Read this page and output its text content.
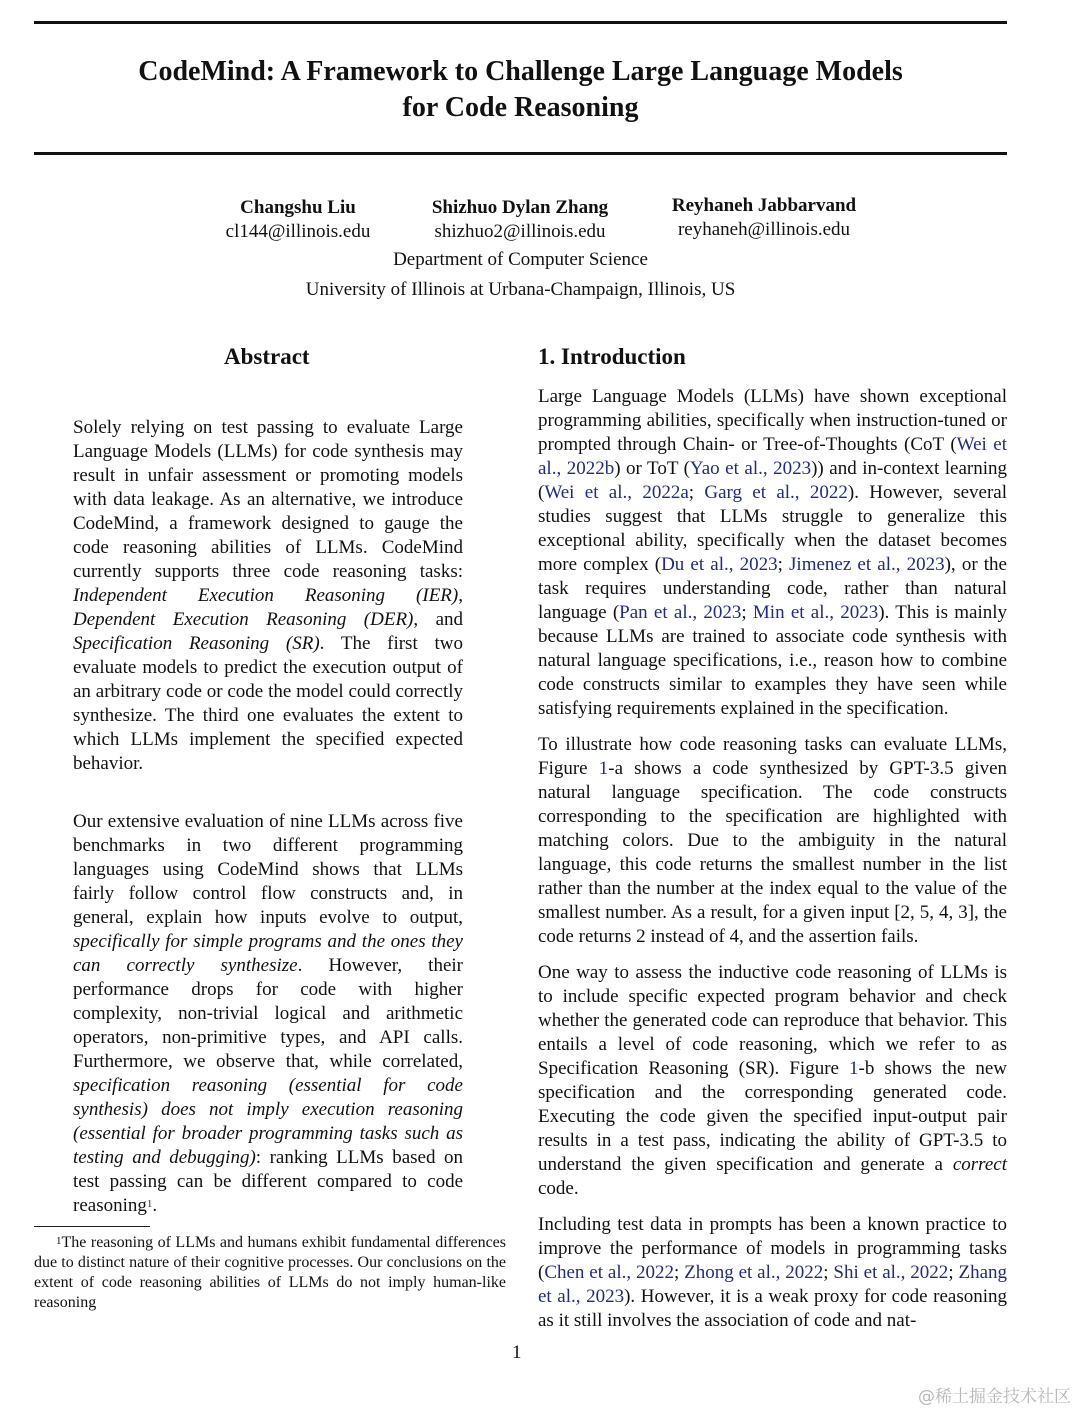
CodeMind: A Framework to Challenge Large Language Models
for Code Reasoning
Changshu Liu
cl144@illinois.edu
Shizhuo Dylan Zhang
shizhuo2@illinois.edu
Reyhaneh Jabbarvand
reyhaneh@illinois.edu
Department of Computer Science
University of Illinois at Urbana-Champaign, Illinois, US
Abstract

Solely relying on test passing to evaluate Large Language Models (LLMs) for code synthesis may result in unfair assessment or promoting models with data leakage. As an alternative, we introduce CodeMind, a framework designed to gauge the code reasoning abilities of LLMs. CodeMind currently supports three code reasoning tasks: Independent Execution Reasoning (IER), Dependent Execution Reasoning (DER), and Specification Reasoning (SR). The first two evaluate models to predict the execution output of an arbitrary code or code the model could correctly synthesize. The third one evaluates the extent to which LLMs implement the specified expected behavior.

Our extensive evaluation of nine LLMs across five benchmarks in two different programming languages using CodeMind shows that LLMs fairly follow control flow constructs and, in general, explain how inputs evolve to output, specifically for simple programs and the ones they can correctly synthesize. However, their performance drops for code with higher complexity, non-trivial logical and arithmetic operators, non-primitive types, and API calls. Furthermore, we observe that, while correlated, specification reasoning (essential for code synthesis) does not imply execution reasoning (essential for broader programming tasks such as testing and debugging): ranking LLMs based on test passing can be different compared to code reasoning$^1$.

$^1$The reasoning of LLMs and humans exhibit fundamental differences due to distinct nature of their cognitive processes. Our conclusions on the extent of code reasoning abilities of LLMs do not imply human-like reasoning
1. Introduction

Large Language Models (LLMs) have shown exceptional programming abilities, specifically when instruction-tuned or prompted through Chain- or Tree-of-Thoughts (CoT (Wei et al., 2022b) or ToT (Yao et al., 2023)) and in-context learning (Wei et al., 2022a; Garg et al., 2022). However, several studies suggest that LLMs struggle to generalize this exceptional ability, specifically when the dataset becomes more complex (Du et al., 2023; Jimenez et al., 2023), or the task requires understanding code, rather than natural language (Pan et al., 2023; Min et al., 2023). This is mainly because LLMs are trained to associate code synthesis with natural language specifications, i.e., reason how to combine code constructs similar to examples they have seen while satisfying requirements explained in the specification.

To illustrate how code reasoning tasks can evaluate LLMs, Figure 1-a shows a code synthesized by GPT-3.5 given natural language specification. The code constructs corresponding to the specification are highlighted with matching colors. Due to the ambiguity in the natural language, this code returns the smallest number in the list rather than the number at the index equal to the value of the smallest number. As a result, for a given input [2, 5, 4, 3], the code returns 2 instead of 4, and the assertion fails.

One way to assess the inductive code reasoning of LLMs is to include specific expected program behavior and check whether the generated code can reproduce that behavior. This entails a level of code reasoning, which we refer to as Specification Reasoning (SR). Figure 1-b shows the new specification and the corresponding generated code. Executing the code given the specified input-output pair results in a test pass, indicating the ability of GPT-3.5 to understand the given specification and generate a correct code.

Including test data in prompts has been a known practice to improve the performance of models in programming tasks (Chen et al., 2022; Zhong et al., 2022; Shi et al., 2022; Zhang et al., 2023). However, it is a weak proxy for code reasoning as it still involves the association of code and nat-

1
@稀土掘金技术社区
